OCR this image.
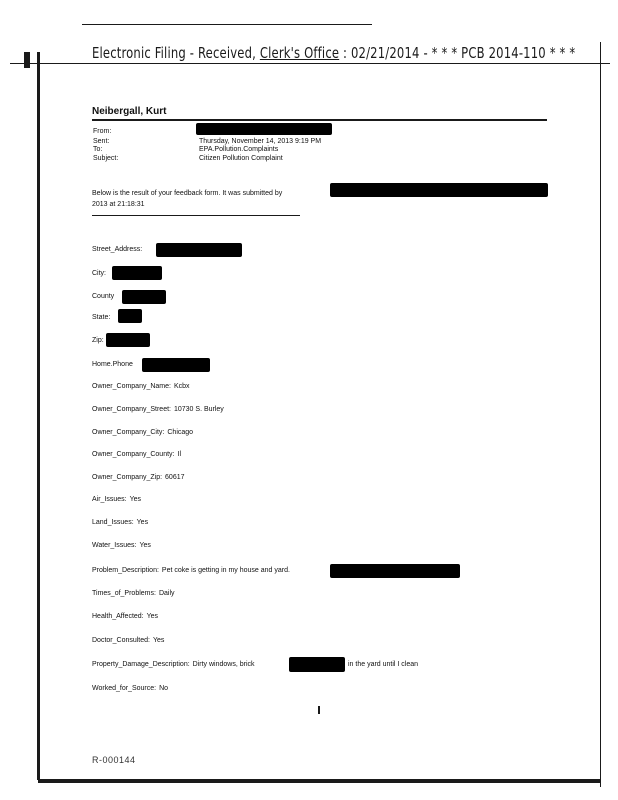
Electronic Filing - Received, Clerk's Office : 02/21/2014 - * * * PCB 2014-110 * * *
Neibergall, Kurt
From:
Sent:	Thursday, November 14, 2013 9:19 PM
To:	EPA.Pollution.Complaints
Subject:	Citizen Pollution Complaint
Below is the result of your feedback form. It was submitted by
2013 at 21:18:31
Street_Address:
City:
County
State:
Zip:
Home.Phone
Owner_Company_Name: Kcbx
Owner_Company_Street: 10730 S. Burley
Owner_Company_City: Chicago
Owner_Company_County: Il
Owner_Company_Zip: 60617
Air_Issues: Yes
Land_Issues: Yes
Water_Issues: Yes
Problem_Description: Pet coke is getting in my house and yard.
Times_of_Problems: Daily
Health_Affected: Yes
Doctor_Consulted: Yes
Property_Damage_Description: Dirty windows, brick	in the yard until I clean
Worked_for_Source: No
R-000144
